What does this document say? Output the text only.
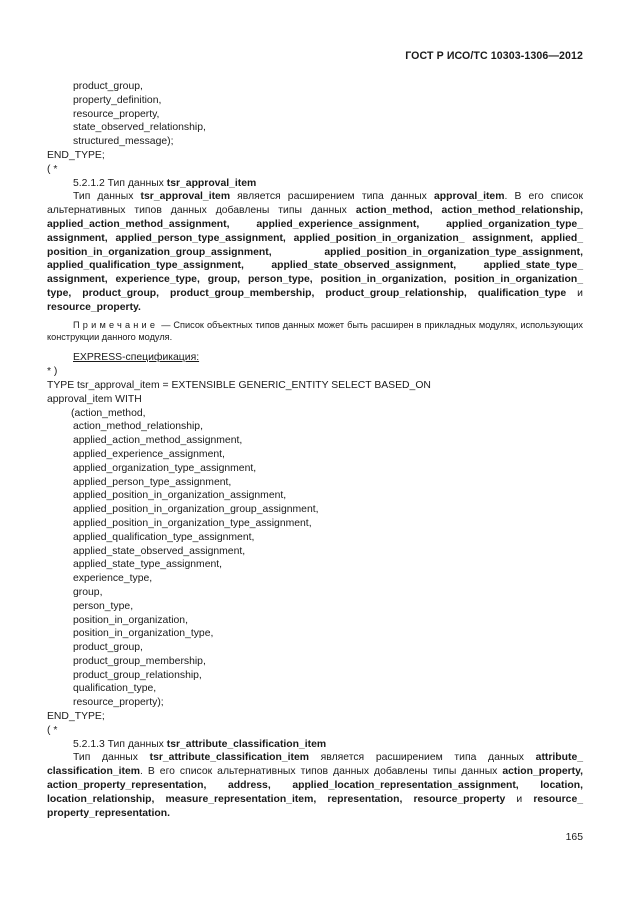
ГОСТ Р ИСО/ТС 10303-1306—2012
product_group,
property_definition,
resource_property,
state_observed_relationship,
structured_message);
END_TYPE;
( *
5.2.1.2 Тип данных tsr_approval_item

Тип данных tsr_approval_item является расширением типа данных approval_item. В его список альтернативных типов данных добавлены типы данных action_method, action_method_relationship, applied_action_method_assignment, applied_experience_assignment, applied_organization_type_ assignment, applied_person_type_assignment, applied_position_in_organization_ assignment, applied_ position_in_organization_group_assignment, applied_position_in_organization_type_assignment, applied_qualification_type_assignment, applied_state_observed_assignment, applied_state_type_ assignment, experience_type, group, person_type, position_in_organization, position_in_organization_ type, product_group, product_group_membership, product_group_relationship, qualification_type и resource_property.

Примечание — Список объектных типов данных может быть расширен в прикладных модулях, использующих конструкции данного модуля.

EXPRESS-спецификация:
* )
TYPE tsr_approval_item = EXTENSIBLE GENERIC_ENTITY SELECT BASED_ON
approval_item WITH
(action_method,
action_method_relationship,
applied_action_method_assignment,
applied_experience_assignment,
applied_organization_type_assignment,
applied_person_type_assignment,
applied_position_in_organization_assignment,
applied_position_in_organization_group_assignment,
applied_position_in_organization_type_assignment,
applied_qualification_type_assignment,
applied_state_observed_assignment,
applied_state_type_assignment,
experience_type,
group,
person_type,
position_in_organization,
position_in_organization_type,
product_group,
product_group_membership,
product_group_relationship,
qualification_type,
resource_property);
END_TYPE;
( *
5.2.1.3 Тип данных tsr_attribute_classification_item

Тип данных tsr_attribute_classification_item является расширением типа данных attribute_ classification_item. В его список альтернативных типов данных добавлены типы данных action_property, action_property_representation, address, applied_location_representation_assignment, location, location_relationship, measure_representation_item, representation, resource_property и resource_ property_representation.

165
